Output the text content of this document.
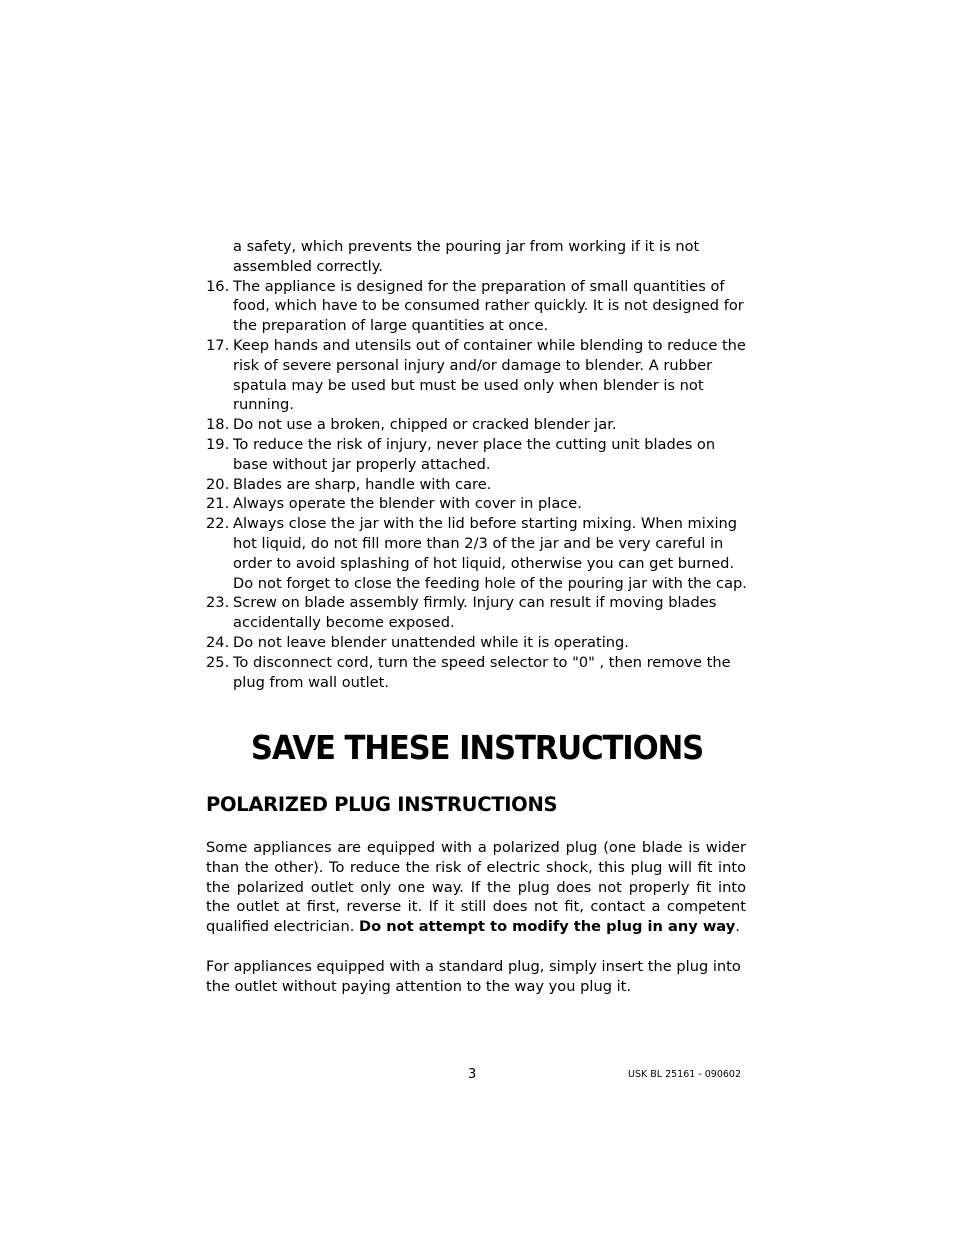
a safety, which prevents the pouring jar from working if it is not assembled correctly.
16. The appliance is designed for the preparation of small quantities of food, which have to be consumed rather quickly. It is not designed for the preparation of large quantities at once.
17. Keep hands and utensils out of container while blending to reduce the risk of severe personal injury and/or damage to blender. A rubber spatula may be used but must be used only when blender is not running.
18. Do not use a broken, chipped or cracked blender jar.
19. To reduce the risk of injury, never place the cutting unit blades on base without jar properly attached.
20. Blades are sharp, handle with care.
21. Always operate the blender with cover in place.
22. Always close the jar with the lid before starting mixing. When mixing hot liquid, do not fill more than 2/3 of the jar and be very careful in order to avoid splashing of hot liquid, otherwise you can get burned. Do not forget to close the feeding hole of the pouring jar with the cap.
23. Screw on blade assembly firmly. Injury can result if moving blades accidentally become exposed.
24. Do not leave blender unattended while it is operating.
25. To disconnect cord, turn the speed selector to "0" , then remove the plug from wall outlet.
SAVE THESE INSTRUCTIONS
POLARIZED PLUG INSTRUCTIONS

Some appliances are equipped with a polarized plug (one blade is wider than the other). To reduce the risk of electric shock, this plug will fit into the polarized outlet only one way. If the plug does not properly fit into the outlet at first, reverse it. If it still does not fit, contact a competent qualified electrician. Do not attempt to modify the plug in any way.

For appliances equipped with a standard plug, simply insert the plug into the outlet without paying attention to the way you plug it.

3	USK BL 25161 - 090602
